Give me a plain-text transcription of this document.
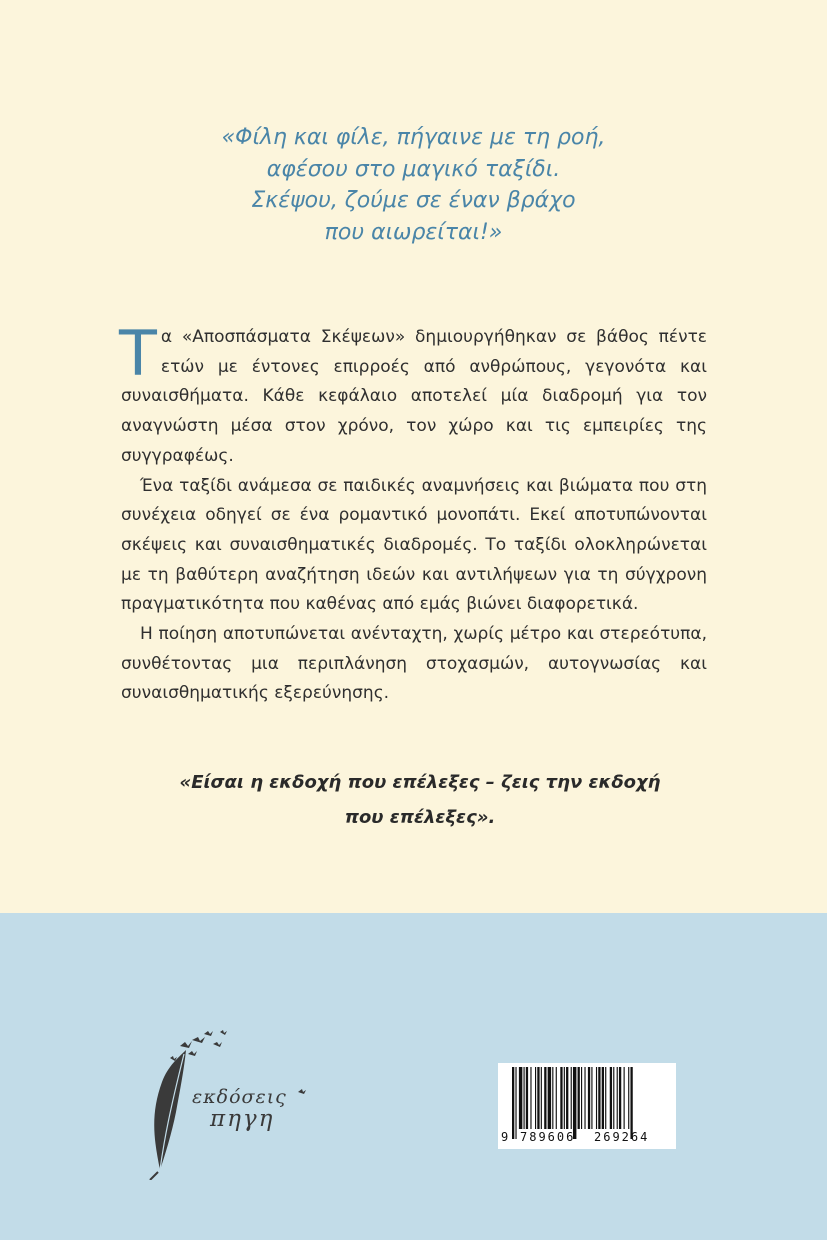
«Φίλη και φίλε, πήγαινε με τη ροή,
αφέσου στο μαγικό ταξίδι.
Σκέψου, ζούμε σε έναν βράχο
που αιωρείται!»

Τα «Αποσπάσματα Σκέψεων» δημιουργήθηκαν σε βάθος πέντε ετών με έντονες επιρροές από ανθρώπους, γεγονότα και συναισθήματα. Κάθε κεφάλαιο αποτελεί μία διαδρομή για τον αναγνώστη μέσα στον χρόνο, τον χώρο και τις εμπειρίες της συγγραφέως.

Ένα ταξίδι ανάμεσα σε παιδικές αναμνήσεις και βιώματα που στη συνέχεια οδηγεί σε ένα ρομαντικό μονοπάτι. Εκεί αποτυπώνονται σκέψεις και συναισθηματικές διαδρομές. Το ταξίδι ολοκληρώνεται με τη βαθύτερη αναζήτηση ιδεών και αντιλήψεων για τη σύγχρονη πραγματικότητα που καθένας από εμάς βιώνει διαφορετικά.

Η ποίηση αποτυπώνεται ανένταχτη, χωρίς μέτρο και στερεότυπα, συνθέτοντας μια περιπλάνηση στοχασμών, αυτογνωσίας και συναισθηματικής εξερεύνησης.

«Είσαι η εκδοχή που επέλεξες – ζεις την εκδοχή
που επέλεξες».
εκδόσεις
πηγη
9 789606 269264
